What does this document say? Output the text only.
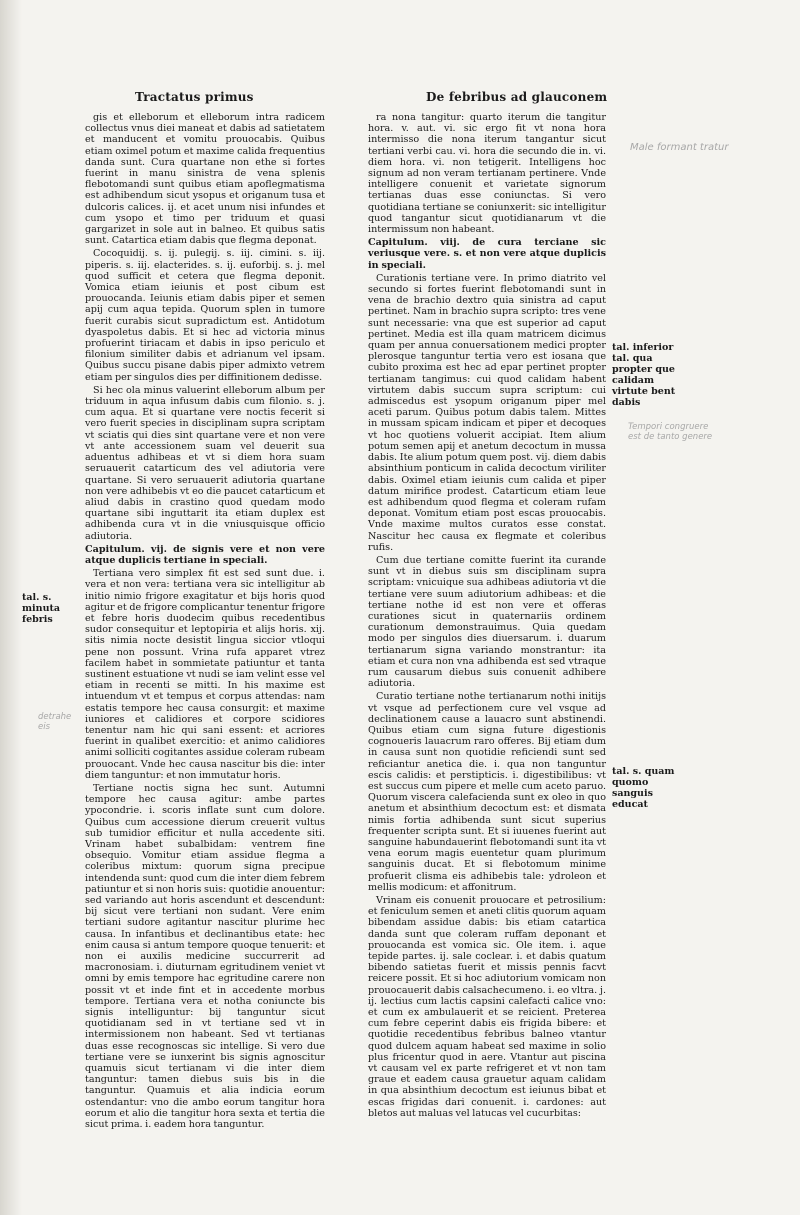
Tractatus primus	De febribus ad glauconem

gis et elleborum et elleborum intra radicem collectus vnus diei maneat et dabis ad satietatem et manducent et vomitu prouocabis. Quibus etiam oximel potum et maxime calida frequentius danda sunt. Cura quartane non ethe si fortes fuerint in manu sinistra de vena splenis flebotomandi sunt quibus etiam apoflegmatisma est adhibendum sicut ysopus et origanum tusa et dulcoris calices. ij. et acet unum nisi infundes et cum ysopo et timo per triduum et quasi gargarizet in sole aut in balneo. Et quibus satis sunt. Catartica etiam dabis que flegma deponat.

Cocoquidij. s. ij. pulegij. s. iij. cimini. s. iij. piperis. s. iij. elacterides. s. ij. euforbij. s. j. mel quod sufficit et cetera que flegma deponit. Vomica etiam ieiunis et post cibum est prouocanda. Ieiunis etiam dabis piper et semen apij cum aqua tepida. Quorum splen in tumore fuerit curabis sicut supradictum est. Antidotum dyaspoletus dabis. Et si hec ad victoria minus profuerint tiriacam et dabis in ipso periculo et filonium similiter dabis et adrianum vel ipsam. Quibus succu pisane dabis piper admixto vetrem etiam per singulos dies per diffinitionem dedisse.

Si hec ola minus valuerint elleborum album per triduum in aqua infusum dabis cum filonio. s. j. cum aqua. Et si quartane vere noctis fecerit si vero fuerit species in disciplinam supra scriptam vt sciatis qui dies sint quartane vere et non vere vt ante accessionem suam vel deuerit sua aduentus adhibeas et vt si diem hora suam seruauerit catarticum des vel adiutoria vere quartane. Si vero seruauerit adiutoria quartane non vere adhibebis vt eo die paucet catarticum et aliud dabis in crastino quod quedam modo quartane sibi inguttarit ita etiam duplex est adhibenda cura vt in die vniusquisque officio adiutoria.

Capitulum. vij. de signis vere et non vere atque duplicis tertiane in speciali.

Tertiana vero simplex fit est sed sunt due. i. vera et non vera: tertiana vera sic intelligitur ab initio nimio frigore exagitatur et bijs horis quod agitur et de frigore complicantur tenentur frigore et febre horis duodecim quibus recedentibus sudor consequitur et leptopiria et alijs horis. xij. sitis nimia nocte desistit lingua siccior vtloqui pene non possunt. Vrina rufa apparet vtrez facilem habet in sommietate patiuntur et tanta sustinent estuatione vt nudi se iam velint esse vel etiam in recenti se mitti. In his maxime est intuendum vt et tempus et corpus attendas: nam estatis tempore hec causa consurgit: et maxime iuniores et calidiores et corpore scidiores tenentur nam hic qui sani essent: et acriores fuerint in qualibet exercitio: et animo calidiores animi solliciti cogitantes assidue coleram rubeam prouocant. Vnde hec causa nascitur bis die: inter diem tanguntur: et non immutatur horis.

Tertiane noctis signa hec sunt. Autumni tempore hec causa agitur: ambe partes ypocondrie. i. scoris inflate sunt cum dolore. Quibus cum accessione dierum creuerit vultus sub tumidior efficitur et nulla accedente siti. Vrinam habet subalbidam: ventrem fine obsequio. Vomitur etiam assidue flegma a coleribus mixtum: quorum signa precipue intendenda sunt: quod cum die inter diem febrem patiuntur et si non horis suis: quotidie anouentur: sed variando aut horis ascendunt et descendunt: bij sicut vere tertiani non sudant. Vere enim tertiani sudore agitantur nascitur plurime hec causa. In infantibus et declinantibus etate: hec enim causa si antum tempore quoque tenuerit: et non ei auxilis medicine succurrerit ad macronosiam. i. diuturnam egritudinem veniet vt omni by emis tempore hac egritudine carere non possit vt et inde fint et in accedente morbus tempore. Tertiana vera et notha coniuncte bis signis intelliguntur: bij tanguntur sicut quotidianam sed in vt tertiane sed vt in intermissionem non habeant. Sed vt tertianas duas esse recognoscas sic intellige. Si vero due tertiane vere se iunxerint bis signis agnoscitur quamuis sicut tertianam vi die inter diem tanguntur: tamen diebus suis bis in die tanguntur. Quamuis et alia indicia eorum ostendantur: vno die ambo eorum tangitur hora eorum et alio die tangitur hora sexta et tertia die sicut prima. i. eadem hora tanguntur.

ra nona tangitur: quarto iterum die tangitur hora. v. aut. vi. sic ergo fit vt nona hora intermisso die nona iterum tangantur sicut tertiani verbi cau. vi. hora die secundo die in. vi. diem hora. vi. non tetigerit. Intelligens hoc signum ad non veram tertianam pertinere. Vnde intelligere conuenit et varietate signorum tertianas duas esse coniunctas. Si vero quotidiana tertiane se coniunxerit: sic intelligitur quod tangantur sicut quotidianarum vt die intermissum non habeant.

Capitulum. viij. de cura terciane sic veriusque vere. s. et non vere atque duplicis in speciali.

Curationis tertiane vere. In primo diatrito vel secundo si fortes fuerint flebotomandi sunt in vena de brachio dextro quia sinistra ad caput pertinet. Nam in brachio supra scripto: tres vene sunt necessarie: vna que est superior ad caput pertinet. Media est illa quam matricem dicimus quam per annua conuersationem medici propter plerosque tanguntur tertia vero est iosana que cubito proxima est hec ad epar pertinet propter tertianam tangimus: cui quod calidam habent virtutem dabis succum supra scriptum: cui admiscedus est ysopum origanum piper mel aceti parum. Quibus potum dabis talem. Mittes in mussam spicam indicam et piper et decoques vt hoc quotiens voluerit accipiat. Item alium potum semen apij et anetum decoctum in mussa dabis. Ite alium potum quem post. vij. diem dabis absinthium ponticum in calida decoctum viriliter dabis. Oximel etiam ieiunis cum calida et piper datum mirifice prodest. Catarticum etiam leue est adhibendum quod flegma et coleram rufam deponat. Vomitum etiam post escas prouocabis. Vnde maxime multos curatos esse constat. Nascitur hec causa ex flegmate et coleribus rufis.

Cum due tertiane comitte fuerint ita curande sunt vt in diebus suis sm disciplinam supra scriptam: vnicuique sua adhibeas adiutoria vt die tertiane vere suum adiutorium adhibeas: et die tertiane nothe id est non vere et offeras curationes sicut in quaternariis ordinem curationum demonstrauimus. Quia quedam modo per singulos dies diuersarum. i. duarum tertianarum signa variando monstrantur: ita etiam et cura non vna adhibenda est sed vtraque rum causarum diebus suis conuenit adhibere adiutoria.

Curatio tertiane nothe tertianarum nothi initijs vt vsque ad perfectionem cure vel vsque ad declinationem cause a lauacro sunt abstinendi. Quibus etiam cum signa future digestionis cognoueris lauacrum raro offeres. Bij etiam dum in causa sunt non quotidie reficiendi sunt sed reficiantur anetica die. i. qua non tanguntur escis calidis: et perstipticis. i. digestibilibus: vt est succus cum pipere et melle cum aceto paruo. Quorum viscera calefacienda sunt ex oleo in quo anetum et absinthium decoctum est: et dismata nimis fortia adhibenda sunt sicut superius frequenter scripta sunt. Et si iuuenes fuerint aut sanguine habundauerint flebotomandi sunt ita vt vena eorum magis euentetur quam plurimum sanguinis ducat. Et si flebotomum minime profuerit clisma eis adhibebis tale: ydroleon et mellis modicum: et affonitrum.

Vrinam eis conuenit prouocare et petrosilium: et feniculum semen et aneti clitis quorum aquam bibendam assidue dabis: bis etiam catartica danda sunt que coleram ruffam deponant et prouocanda est vomica sic. Ole item. i. aque tepide partes. ij. sale coclear. i. et dabis quatum bibendo satietas fuerit et missis pennis facvt reicere possit. Et si hoc adiutorium vomicam non prouocauerit dabis calsachecumeno. i. eo vltra. j. ij. lectius cum lactis capsini calefacti calice vno: et cum ex ambulauerit et se reicient. Preterea cum febre ceperint dabis eis frigida bibere: et quotidie recedentibus febribus balneo vtantur quod dulcem aquam habeat sed maxime in solio plus fricentur quod in aere. Vtantur aut piscina vt causam vel ex parte refrigeret et vt non tam graue et eadem causa grauetur aquam calidam in qua absinthium decoctum est ieiunus bibat et escas frigidas dari conuenit. i. cardones: aut bletos aut maluas vel latucas vel cucurbitas:

tal. s. minuta febris
detrahe eis
tal. inferior tal. qua propter que calidam virtute bent dabis
tal. s. quam quomo sanguis educat
Male formant tratur
Tempori congruere est de tanto genere
